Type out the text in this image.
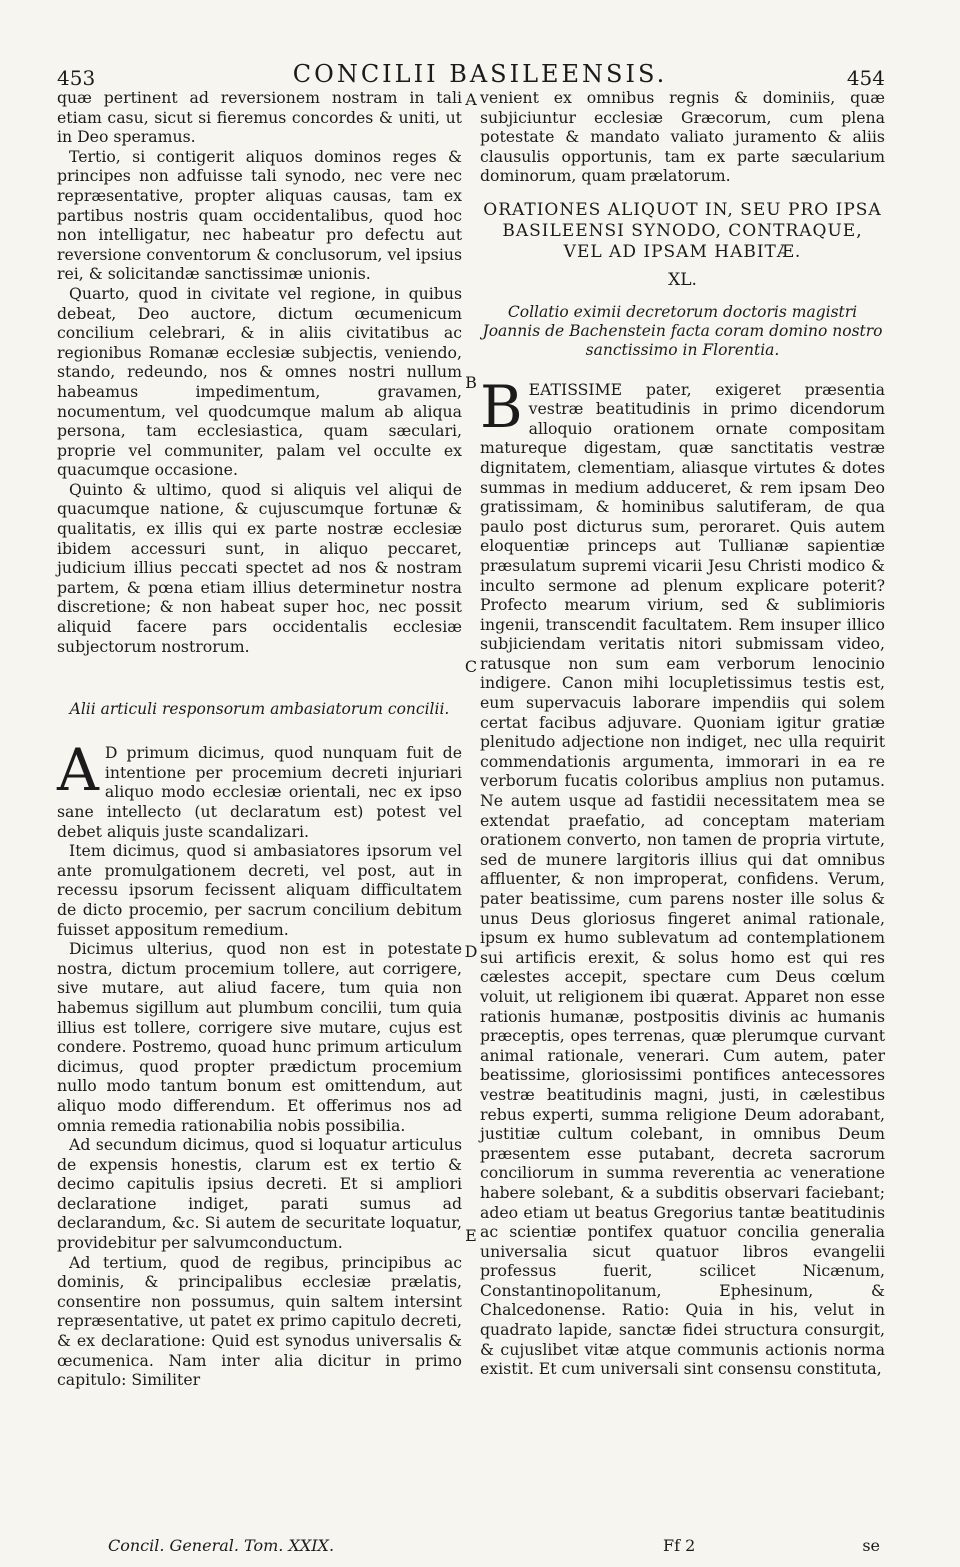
453	CONCILII BASILEENSIS.	454

quæ pertinent ad reversionem nostram in tali etiam casu, sicut si fieremus concordes & uniti, ut in Deo speramus.

Tertio, si contigerit aliquos dominos reges & principes non adfuisse tali synodo, nec vere nec repræsentative, propter aliquas causas, tam ex partibus nostris quam occidentalibus, quod hoc non intelligatur, nec habeatur pro defectu aut reversione conventorum & conclusorum, vel ipsius rei, & solicitandæ sanctissimæ unionis.

Quarto, quod in civitate vel regione, in quibus debeat, Deo auctore, dictum œcumenicum concilium celebrari, & in aliis civitatibus ac regionibus Romanæ ecclesiæ subjectis, veniendo, stando, redeundo, nos & omnes nostri nullum habeamus impedimentum, gravamen, nocumentum, vel quodcumque malum ab aliqua persona, tam ecclesiastica, quam sæculari, proprie vel communiter, palam vel occulte ex quacumque occasione.

Quinto & ultimo, quod si aliquis vel aliqui de quacumque natione, & cujuscumque fortunæ & qualitatis, ex illis qui ex parte nostræ ecclesiæ ibidem accessuri sunt, in aliquo peccaret, judicium illius peccati spectet ad nos & nostram partem, & pœna etiam illius determinetur nostra discretione; & non habeat super hoc, nec possit aliquid facere pars occidentalis ecclesiæ subjectorum nostrorum.

Alii articuli responsorum ambasiatorum concilii.

A D primum dicimus, quod nunquam fuit de intentione per procemium decreti injuriari aliquo modo ecclesiæ orientali, nec ex ipso sane intellecto (ut declaratum est) potest vel debet aliquis juste scandalizari.

Item dicimus, quod si ambasiatores ipsorum vel ante promulgationem decreti, vel post, aut in recessu ipsorum fecissent aliquam difficultatem de dicto procemio, per sacrum concilium debitum fuisset appositum remedium.

Dicimus ulterius, quod non est in potestate nostra, dictum procemium tollere, aut corrigere, sive mutare, aut aliud facere, tum quia non habemus sigillum aut plumbum concilii, tum quia illius est tollere, corrigere sive mutare, cujus est condere. Postremo, quoad hunc primum articulum dicimus, quod propter prædictum procemium nullo modo tantum bonum est omittendum, aut aliquo modo differendum. Et offerimus nos ad omnia remedia rationabilia nobis possibilia.

Ad secundum dicimus, quod si loquatur articulus de expensis honestis, clarum est ex tertio & decimo capitulis ipsius decreti. Et si ampliori declaratione indiget, parati sumus ad declarandum, &c. Si autem de securitate loquatur, providebitur per salvumconductum.

Ad tertium, quod de regibus, principibus ac dominis, & principalibus ecclesiæ prælatis, consentire non possumus, quin saltem intersint repræsentative, ut patet ex primo capitulo decreti, & ex declaratione: Quid est synodus universalis & œcumenica. Nam inter alia dicitur in primo capitulo: Similiter

venient ex omnibus regnis & dominiis, quæ subjiciuntur ecclesiæ Græcorum, cum plena potestate & mandato valiato juramento & aliis clausulis opportunis, tam ex parte sæcularium dominorum, quam prælatorum.

ORATIONES ALIQUOT IN, SEU PRO IPSA BASILEENSI SYNODO, CONTRAQUE, VEL AD IPSAM HABITÆ.
XL.
Collatio eximii decretorum doctoris magistri Joannis de Bachenstein facta coram domino nostro sanctissimo in Florentia.

BEATISSIME pater, exigeret præsentia vestræ beatitudinis in primo dicendorum alloquio orationem ornate compositam matureque digestam, quæ sanctitatis vestræ dignitatem, clementiam, aliasque virtutes & dotes summas in medium adduceret, & rem ipsam Deo gratissimam, & hominibus salutiferam, de qua paulo post dicturus sum, peroraret. Quis autem eloquentiæ princeps aut Tullianæ sapientiæ præsulatum supremi vicarii Jesu Christi modico & inculto sermone ad plenum explicare poterit? Profecto mearum virium, sed & sublimioris ingenii, transcendit facultatem. Rem insuper illico subjiciendam veritatis nitori submissam video, ratusque non sum eam verborum lenocinio indigere. Canon mihi locupletissimus testis est, eum supervacuis laborare impendiis qui solem certat facibus adjuvare. Quoniam igitur gratiæ plenitudo adjectione non indiget, nec ulla requirit commendationis argumenta, immorari in ea re verborum fucatis coloribus amplius non putamus. Ne autem usque ad fastidii necessitatem mea se extendat praefatio, ad conceptam materiam orationem converto, non tamen de propria virtute, sed de munere largitoris illius qui dat omnibus affluenter, & non improperat, confidens. Verum, pater beatissime, cum parens noster ille solus & unus Deus gloriosus fingeret animal rationale, ipsum ex humo sublevatum ad contemplationem sui artificis erexit, & solus homo est qui res cælestes accepit, spectare cum Deus cœlum voluit, ut religionem ibi quærat. Apparet non esse rationis humanæ, postpositis divinis ac humanis præceptis, opes terrenas, quæ plerumque curvant animal rationale, venerari. Cum autem, pater beatissime, gloriosissimi pontifices antecessores vestræ beatitudinis magni, justi, in cælestibus rebus experti, summa religione Deum adorabant, justitiæ cultum colebant, in omnibus Deum præsentem esse putabant, decreta sacrorum conciliorum in summa reverentia ac veneratione habere solebant, & a subditis observari faciebant; adeo etiam ut beatus Gregorius tantæ beatitudinis ac scientiæ pontifex quatuor concilia generalia universalia sicut quatuor libros evangelii professus fuerit, scilicet Nicænum, Constantinopolitanum, Ephesinum, & Chalcedonense. Ratio: Quia in his, velut in quadrato lapide, sanctæ fidei structura consurgit, & cujuslibet vitæ atque communis actionis norma existit. Et cum universali sint consensu constituta,

A
B
C
D
E
Concil. General. Tom. XXIX.	Ff 2	se
